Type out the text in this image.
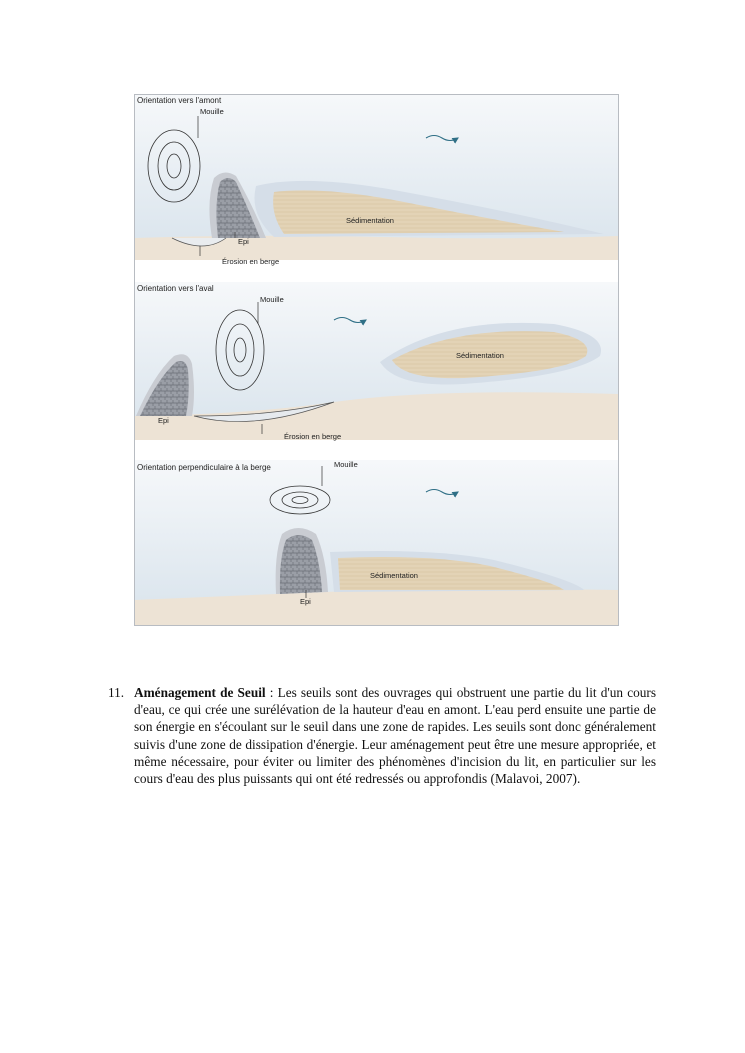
Orientation vers l'amont
Mouille
Sédimentation
Epi
Érosion en berge
Orientation vers l'aval
Mouille
Sédimentation
Epi
Érosion en berge
Orientation perpendiculaire à la berge	Mouille
Sédimentation
Epi
11. Aménagement de Seuil : Les seuils sont des ouvrages qui obstruent une partie du lit d'un cours d'eau, ce qui crée une surélévation de la hauteur d'eau en amont. L'eau perd ensuite une partie de son énergie en s'écoulant sur le seuil dans une zone de rapides. Les seuils sont donc généralement suivis d'une zone de dissipation d'énergie. Leur aménagement peut être une mesure appropriée, et même nécessaire, pour éviter ou limiter des phénomènes d'incision du lit, en particulier sur les cours d'eau des plus puissants qui ont été redressés ou approfondis (Malavoi, 2007).
